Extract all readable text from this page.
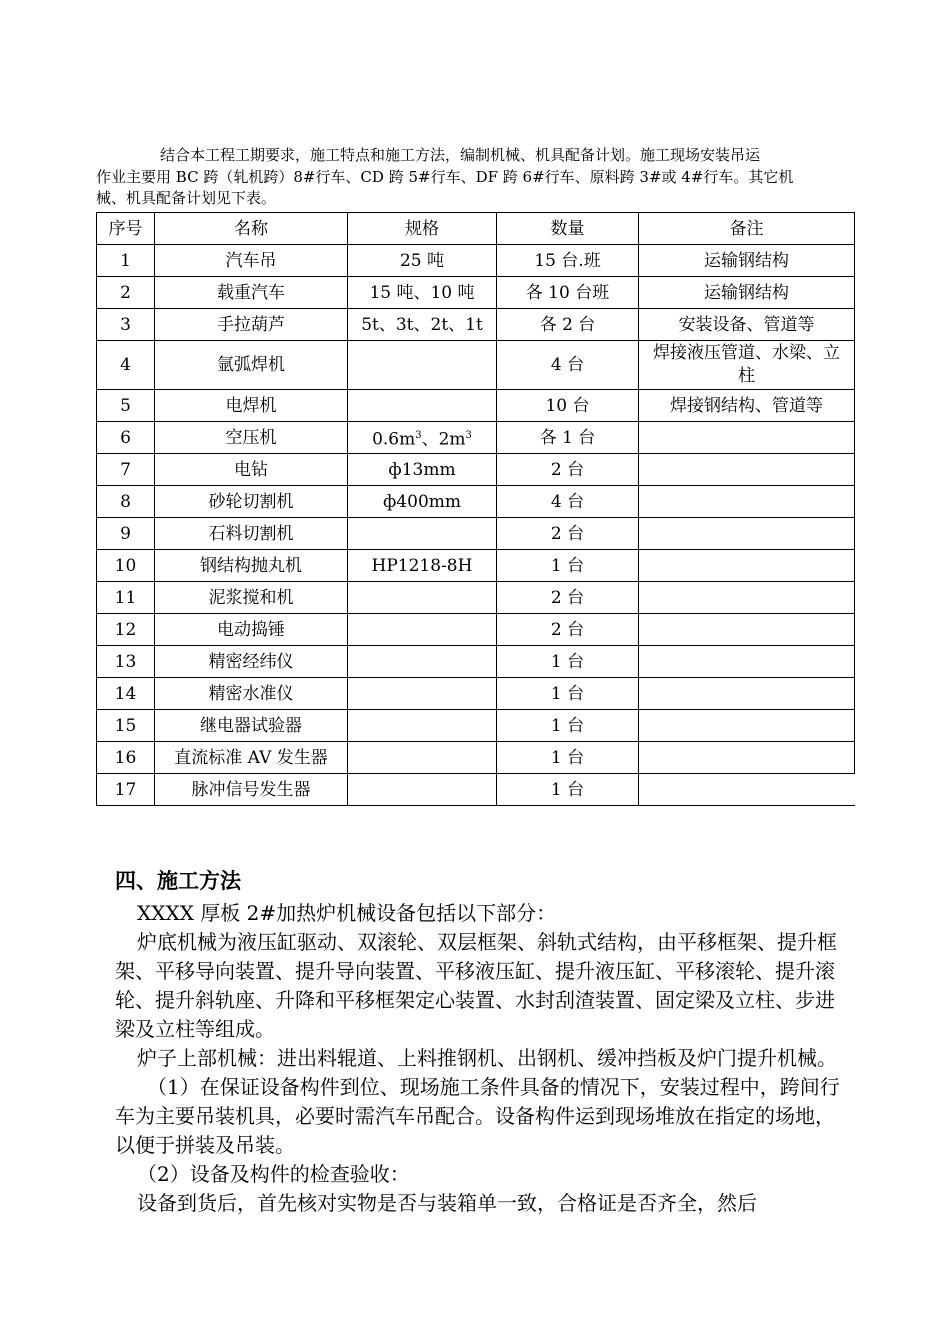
结合本工程工期要求，施工特点和施工方法，编制机械、机具配备计划。施工现场安装吊运
作业主要用 BC 跨（轧机跨）8#行车、CD 跨 5#行车、DF 跨 6#行车、原料跨 3#或 4#行车。其它机
械、机具配备计划见下表。
序号	名称	规格	数量	备注
1	汽车吊	25 吨	15 台.班	运输钢结构
2	载重汽车	15 吨、10 吨	各 10 台班	运输钢结构
3	手拉葫芦	5t、3t、2t、1t	各 2 台	安装设备、管道等
4	氩弧焊机		4 台	焊接液压管道、水梁、立柱
5	电焊机		10 台	焊接钢结构、管道等
6	空压机	$0.6m^3$、$2m^3$	各 1 台	
7	电钻	ф13mm	2 台	
8	砂轮切割机	ф400mm	4 台	
9	石料切割机		2 台	
10	钢结构抛丸机	HP1218-8H	1 台	
11	泥浆搅和机		2 台	
12	电动捣锤		2 台	
13	精密经纬仪		1 台	
14	精密水准仪		1 台	
15	继电器试验器		1 台	
16	直流标准 AV 发生器		1 台	
17	脉冲信号发生器		1 台	
四、施工方法

XXXX 厚板 2#加热炉机械设备包括以下部分：

炉底机械为液压缸驱动、双滚轮、双层框架、斜轨式结构，由平移框架、提升框架、平移导向装置、提升导向装置、平移液压缸、提升液压缸、平移滚轮、提升滚轮、提升斜轨座、升降和平移框架定心装置、水封刮渣装置、固定梁及立柱、步进梁及立柱等组成。

炉子上部机械：进出料辊道、上料推钢机、出钢机、缓冲挡板及炉门提升机械。

（1）在保证设备构件到位、现场施工条件具备的情况下，安装过程中，跨间行车为主要吊装机具，必要时需汽车吊配合。设备构件运到现场堆放在指定的场地，以便于拼装及吊装。

（2）设备及构件的检查验收：

设备到货后，首先核对实物是否与装箱单一致，合格证是否齐全，然后
